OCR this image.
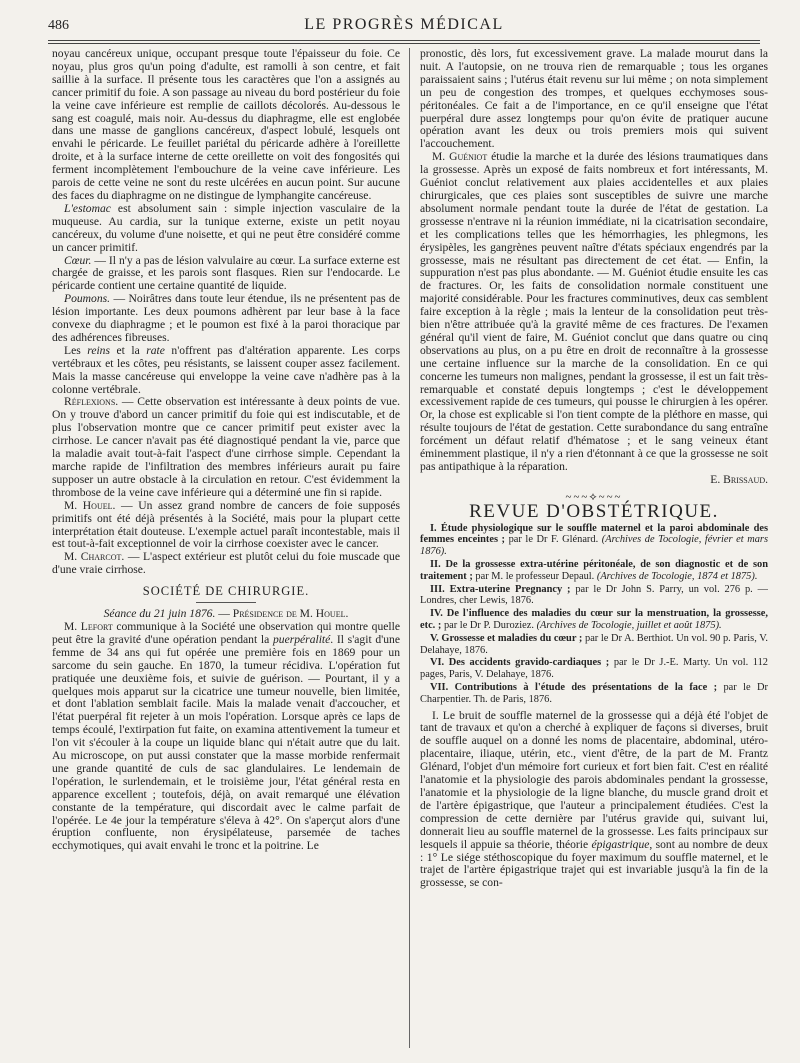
486	LE PROGRÈS MÉDICAL

noyau cancéreux unique, occupant presque toute l'épaisseur du foie. Ce noyau, plus gros qu'un poing d'adulte, est ramolli à son centre, et fait saillie à la surface. Il présente tous les caractères que l'on a assignés au cancer primitif du foie. A son passage au niveau du bord postérieur du foie la veine cave inférieure est remplie de caillots décolorés. Au-dessous le sang est coagulé, mais noir. Au-dessus du diaphragme, elle est englobée dans une masse de ganglions cancéreux, d'aspect lobulé, lesquels ont envahi le péricarde. Le feuillet pariétal du péricarde adhère à l'oreillette droite, et à la surface interne de cette oreillette on voit des fongosités qui ferment incomplètement l'embouchure de la veine cave inférieure. Les parois de cette veine ne sont du reste ulcérées en aucun point. Sur aucune des faces du diaphragme on ne distingue de lymphangite cancéreuse.

L'estomac est absolument sain : simple injection vasculaire de la muqueuse. Au cardia, sur la tunique externe, existe un petit noyau cancéreux, du volume d'une noisette, et qui ne peut être considéré comme un cancer primitif.

Cœur. — Il n'y a pas de lésion valvulaire au cœur. La surface externe est chargée de graisse, et les parois sont flasques. Rien sur l'endocarde. Le péricarde contient une certaine quantité de liquide.

Poumons. — Noirâtres dans toute leur étendue, ils ne présentent pas de lésion importante. Les deux poumons adhèrent par leur base à la face convexe du diaphragme ; et le poumon est fixé à la paroi thoracique par des adhérences fibreuses.

Les reins et la rate n'offrent pas d'altération apparente. Les corps vertébraux et les côtes, peu résistants, se laissent couper assez facilement. Mais la masse cancéreuse qui enveloppe la veine cave n'adhère pas à la colonne vertébrale.

Réflexions. — Cette observation est intéressante à deux points de vue. On y trouve d'abord un cancer primitif du foie qui est indiscutable, et de plus l'observation montre que ce cancer primitif peut exister avec la cirrhose. Le cancer n'avait pas été diagnostiqué pendant la vie, parce que la maladie avait tout-à-fait l'aspect d'une cirrhose simple. Cependant la marche rapide de l'infiltration des membres inférieurs aurait pu faire supposer un autre obstacle à la circulation en retour. C'est évidemment la thrombose de la veine cave inférieure qui a déterminé une fin si rapide.

M. Houel. — Un assez grand nombre de cancers de foie supposés primitifs ont été déjà présentés à la Société, mais pour la plupart cette interprétation était douteuse. L'exemple actuel paraît incontestable, mais il est tout-à-fait exceptionnel de voir la cirrhose coexister avec le cancer.

M. Charcot. — L'aspect extérieur est plutôt celui du foie muscade que d'une vraie cirrhose.

SOCIÉTÉ DE CHIRURGIE.

Séance du 21 juin 1876. — Présidence de M. Houel.

M. Lefort communique à la Société une observation qui montre quelle peut être la gravité d'une opération pendant la puerpéralité. Il s'agit d'une femme de 34 ans qui fut opérée une première fois en 1869 pour un sarcome du sein gauche. En 1870, la tumeur récidiva. L'opération fut pratiquée une deuxième fois, et suivie de guérison. — Pourtant, il y a quelques mois apparut sur la cicatrice une tumeur nouvelle, bien limitée, et dont l'ablation semblait facile. Mais la malade venait d'accoucher, et l'état puerpéral fit rejeter à un mois l'opération. Lorsque après ce laps de temps écoulé, l'extirpation fut faite, on examina attentivement la tumeur et l'on vit s'écouler à la coupe un liquide blanc qui n'était autre que du lait. Au microscope, on put aussi constater que la masse morbide renfermait une grande quantité de culs de sac glandulaires. Le lendemain de l'opération, le surlendemain, et le troisième jour, l'état général resta en apparence excellent ; toutefois, déjà, on avait remarqué une élévation constante de la température, qui discordait avec le calme parfait de l'opérée. Le 4e jour la température s'éleva à 42°. On s'aperçut alors d'une éruption confluente, non érysipélateuse, parsemée de taches ecchymotiques, qui avait envahi le tronc et la poitrine. Le

pronostic, dès lors, fut excessivement grave. La malade mourut dans la nuit. A l'autopsie, on ne trouva rien de remarquable ; tous les organes paraissaient sains ; l'utérus était revenu sur lui même ; on nota simplement un peu de congestion des trompes, et quelques ecchymoses sous-péritonéales. Ce fait a de l'importance, en ce qu'il enseigne que l'état puerpéral dure assez longtemps pour qu'on évite de pratiquer aucune opération avant les deux ou trois premiers mois qui suivent l'accouchement.

M. Guéniot étudie la marche et la durée des lésions traumatiques dans la grossesse. Après un exposé de faits nombreux et fort intéressants, M. Guéniot conclut relativement aux plaies accidentelles et aux plaies chirurgicales, que ces plaies sont susceptibles de suivre une marche absolument normale pendant toute la durée de l'état de gestation. La grossesse n'entrave ni la réunion immédiate, ni la cicatrisation secondaire, et les complications telles que les hémorrhagies, les phlegmons, les érysipèles, les gangrènes peuvent naître d'états spéciaux engendrés par la grossesse, mais ne résultant pas directement de cet état. — Enfin, la suppuration n'est pas plus abondante. — M. Guéniot étudie ensuite les cas de fractures. Or, les faits de consolidation normale constituent une majorité considérable. Pour les fractures comminutives, deux cas semblent faire exception à la règle ; mais la lenteur de la consolidation peut très-bien n'être attribuée qu'à la gravité même de ces fractures. De l'examen général qu'il vient de faire, M. Guéniot conclut que dans quatre ou cinq observations au plus, on a pu être en droit de reconnaître à la grossesse une certaine influence sur la marche de la consolidation. En ce qui concerne les tumeurs non malignes, pendant la grossesse, il est un fait très-remarquable et constaté depuis longtemps ; c'est le développement excessivement rapide de ces tumeurs, qui pousse le chirurgien à les opérer. Or, la chose est explicable si l'on tient compte de la pléthore en masse, qui résulte toujours de l'état de gestation. Cette surabondance du sang entraîne forcément un défaut relatif d'hématose ; et le sang veineux étant éminemment plastique, il n'y a rien d'étonnant à ce que la grossesse ne soit pas antipathique à la réparation.

E. Brissaud.
~~~⟡~~~
REVUE D'OBSTÉTRIQUE.

I. Étude physiologique sur le souffle maternel et la paroi abdominale des femmes enceintes ; par le Dr F. Glénard. (Archives de Tocologie, février et mars 1876).

II. De la grossesse extra-utérine péritonéale, de son diagnostic et de son traitement ; par M. le professeur Depaul. (Archives de Tocologie, 1874 et 1875).

III. Extra-uterine Pregnancy ; par le Dr John S. Parry, un vol. 276 p. — Londres, cher Lewis, 1876.

IV. De l'influence des maladies du cœur sur la menstruation, la grossesse, etc. ; par le Dr P. Duroziez. (Archives de Tocologie, juillet et août 1875).

V. Grossesse et maladies du cœur ; par le Dr A. Berthiot. Un vol. 90 p. Paris, V. Delahaye, 1876.

VI. Des accidents gravido-cardiaques ; par le Dr J.-E. Marty. Un vol. 112 pages, Paris, V. Delahaye, 1876.

VII. Contributions à l'étude des présentations de la face ; par le Dr Charpentier. Th. de Paris, 1876.

I. Le bruit de souffle maternel de la grossesse qui a déjà été l'objet de tant de travaux et qu'on a cherché à expliquer de façons si diverses, bruit de souffle auquel on a donné les noms de placentaire, abdominal, utéro-placentaire, iliaque, utérin, etc., vient d'être, de la part de M. Frantz Glénard, l'objet d'un mémoire fort curieux et fort bien fait. C'est en réalité l'anatomie et la physiologie des parois abdominales pendant la grossesse, l'anatomie et la physiologie de la ligne blanche, du muscle grand droit et de l'artère épigastrique, que l'auteur a principalement étudiées. C'est la compression de cette dernière par l'utérus gravide qui, suivant lui, donnerait lieu au souffle maternel de la grossesse. Les faits principaux sur lesquels il appuie sa théorie, théorie épigastrique, sont au nombre de deux : 1° Le siége stéthoscopique du foyer maximum du souffle maternel, et le trajet de l'artère épigastrique trajet qui est invariable jusqu'à la fin de la grossesse, se con-
